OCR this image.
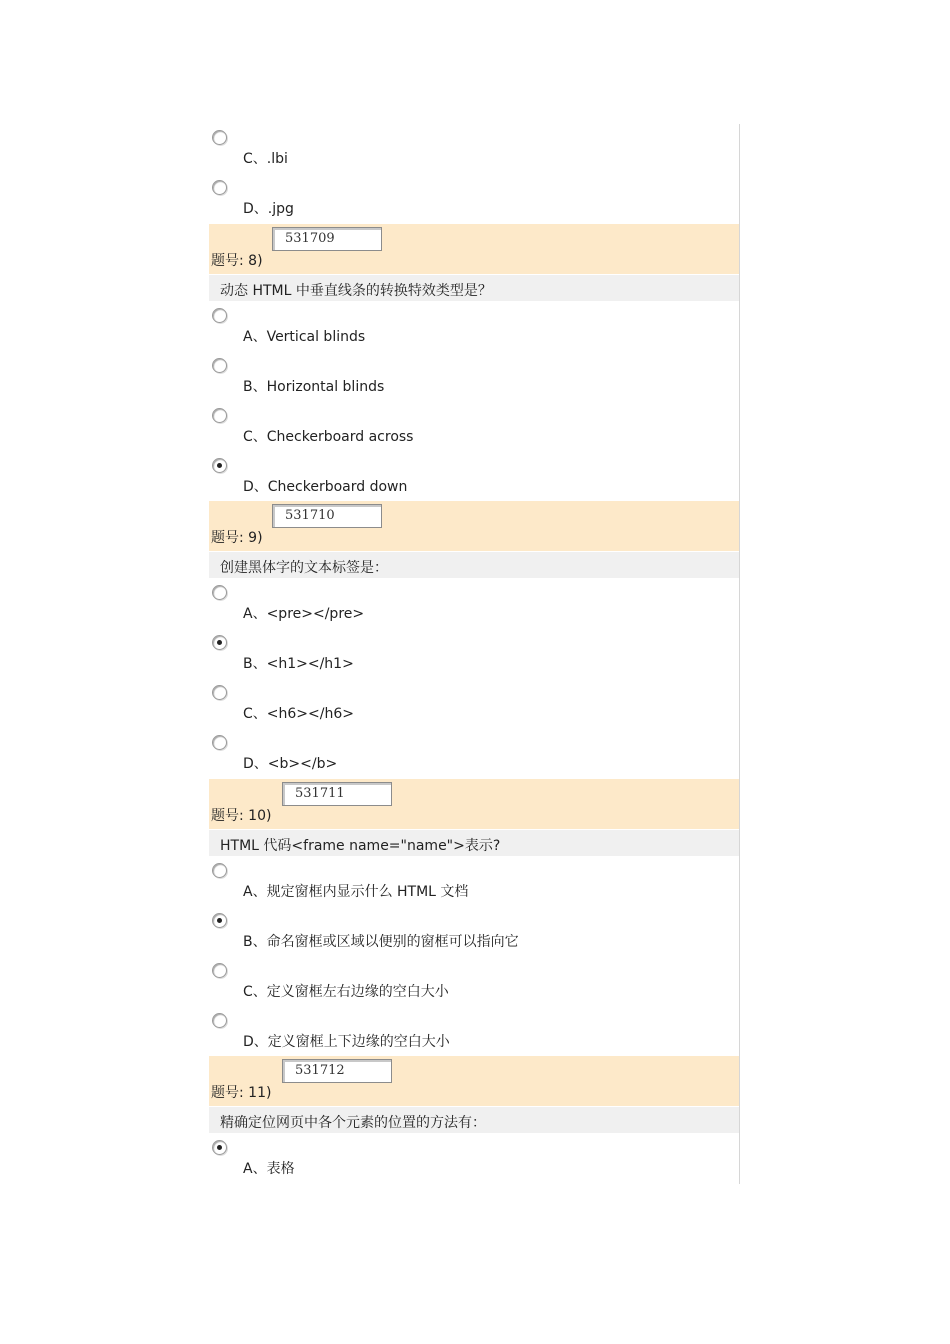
C、.lbi
D、.jpg
题号: 8)
531709
动态 HTML 中垂直线条的转换特效类型是？
A、Vertical blinds
B、Horizontal blinds
C、Checkerboard across
D、Checkerboard down
题号: 9)
531710
创建黑体字的文本标签是：
A、<pre></pre>
B、<h1></h1>
C、<h6></h6>
D、<b></b>
题号: 10)
531711
HTML 代码<frame name="name">表示?
A、规定窗框内显示什么 HTML 文档
B、命名窗框或区域以便别的窗框可以指向它
C、定义窗框左右边缘的空白大小
D、定义窗框上下边缘的空白大小
题号: 11)
531712
精确定位网页中各个元素的位置的方法有：
A、表格
